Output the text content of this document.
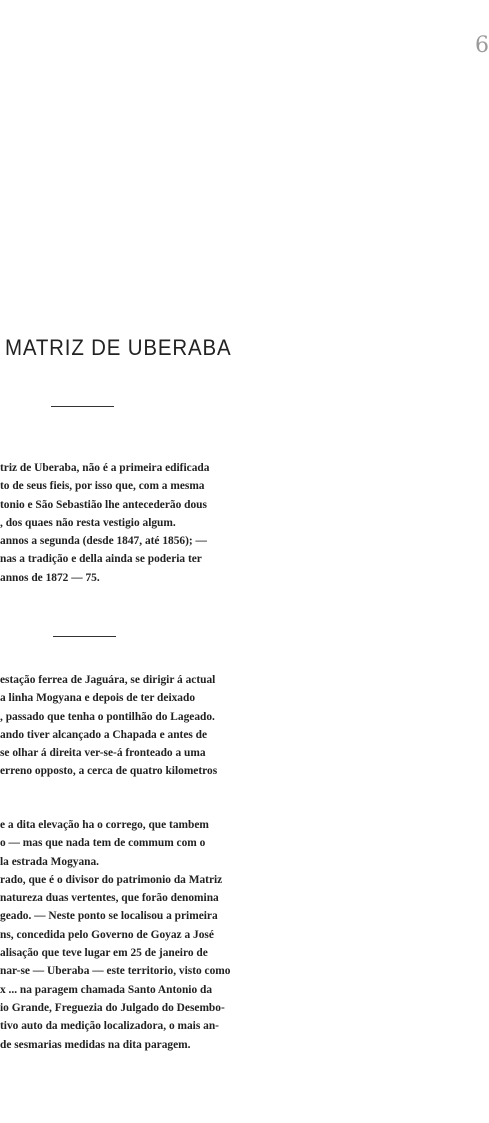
6
MATRIZ DE UBERABA
triz de Uberaba, não é a primeira edificada
to de seus fieis, por isso que, com a mesma
tonio e São Sebastião lhe antecederão dous
, dos quaes não resta vestigio algum.
annos a segunda (desde 1847, até 1856); —
nas a tradição e della ainda se poderia ter
annos de 1872 — 75.
estação ferrea de Jaguára, se dirigir á actual
a linha Mogyana e depois de ter deixado
, passado que tenha o pontilhão do Lageado.
ando tiver alcançado a Chapada e antes de
se olhar á direita ver-se-á fronteado a uma
erreno opposto, a cerca de quatro kilometros
e a dita elevação ha o corrego, que tambem
o — mas que nada tem de commum com o
la estrada Mogyana.
rado, que é o divisor do patrimonio da Matriz
natureza duas vertentes, que forão denomina
geado. — Neste ponto se localisou a primeira
ns, concedida pelo Governo de Goyaz a José
alisação que teve lugar em 25 de janeiro de
nar-se — Uberaba — este territorio, visto como
x ... na paragem chamada Santo Antonio da
io Grande, Freguezia do Julgado do Desembo-
tivo auto da medição localizadora, o mais an-
de sesmarias medidas na dita paragem.
